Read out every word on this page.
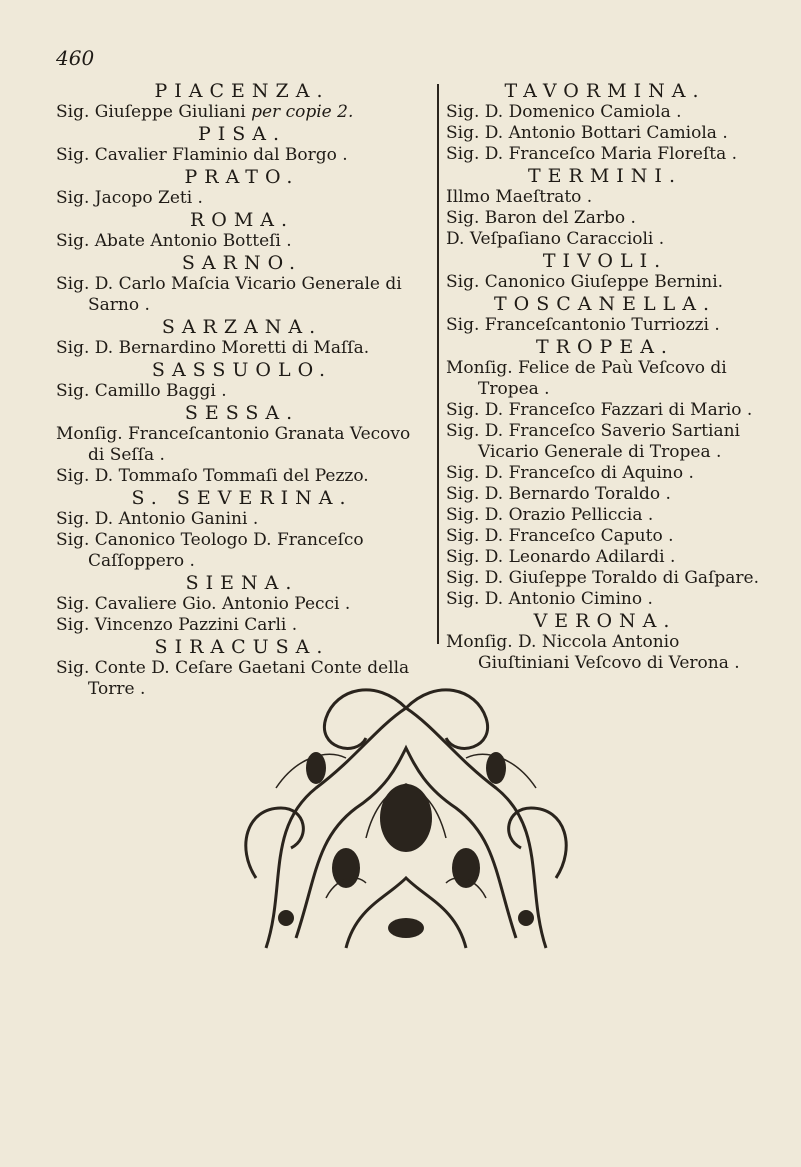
460

PIACENZA.

Sig. Giuſeppe Giuliani per copie 2.

PISA.

Sig. Cavalier Flaminio dal Borgo .

PRATO.

Sig. Jacopo Zeti .

ROMA.

Sig. Abate Antonio Botteſi .

SARNO.

Sig. D. Carlo Maſcia Vicario Generale di Sarno .

SARZANA.

Sig. D. Bernardino Moretti di Maſſa.

SASSUOLO.

Sig. Camillo Baggi .

SESSA.

Monſig. Franceſcantonio Granata Vecovo di Seſſa .

Sig. D. Tommaſo Tommaſi del Pezzo.

S. SEVERINA.

Sig. D. Antonio Ganini .

Sig. Canonico Teologo D. Franceſco Caſſoppero .

SIENA.

Sig. Cavaliere Gio. Antonio Pecci .

Sig. Vincenzo Pazzini Carli .

SIRACUSA.

Sig. Conte D. Ceſare Gaetani Conte della Torre .

TAVORMINA.

Sig. D. Domenico Camiola .

Sig. D. Antonio Bottari Camiola .

Sig. D. Franceſco Maria Floreſta .

TERMINI.

Illmo Maeſtrato .

Sig. Baron del Zarbo .

D. Veſpaſiano Caraccioli .

TIVOLI.

Sig. Canonico Giuſeppe Bernini.

TOSCANELLA.

Sig. Franceſcantonio Turriozzi .

TROPEA.

Monſig. Felice de Paù Veſcovo di Tropea .

Sig. D. Franceſco Fazzari di Mario .

Sig. D. Franceſco Saverio Sartiani Vicario Generale di Tropea .

Sig. D. Franceſco di Aquino .

Sig. D. Bernardo Toraldo .

Sig. D. Orazio Pelliccia .

Sig. D. Franceſco Caputo .

Sig. D. Leonardo Adilardi .

Sig. D. Giuſeppe Toraldo di Gaſpare.

Sig. D. Antonio Cimino .

VERONA.

Monſig. D. Niccola Antonio Giuſtiniani Veſcovo di Verona .
